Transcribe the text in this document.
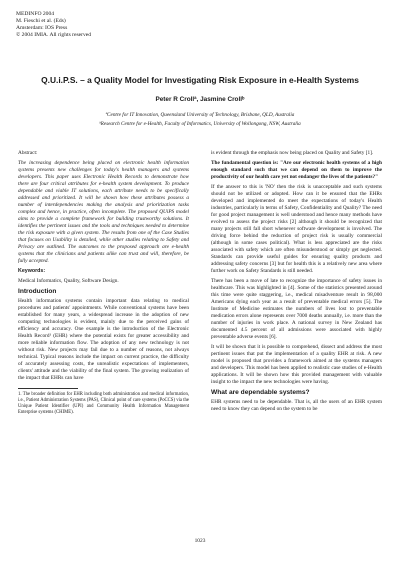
MEDINFO 2004
M. Fieschi et al. (Eds)
Amsterdam: IOS Press
© 2004 IMIA. All rights reserved
Q.U.i.P.S. – a Quality Model for Investigating Risk Exposure in e-Health Systems
Peter R Crollª, Jasmine Crollᵇ
ªCentre for IT Innovation, Queensland University of Technology, Brisbane, QLD, Australia
ᵇResearch Centre for e-Health, Faculty of Informatics, University of Wollongong, NSW, Australia

Abstract:

The increasing dependence being placed on electronic health information systems presents new challenges for today's health managers and systems developers. This paper uses Electronic Health Records to demonstrate how there are four critical attributes for e-health system development. To produce dependable and viable IT solutions, each attribute needs to be specifically addressed and prioritized. It will be shown how these attributes possess a number of interdependencies making the analysis and prioritization tasks complex and hence, in practice, often incomplete. The proposed QUiPS model aims to provide a complete framework for building trustworthy solutions. It identifies the pertinent issues and the tools and techniques needed to determine the risk exposure with a given system. The results from one of the Case Studies that focuses on Usability is detailed, while other studies relating to Safety and Privacy are outlined. The outcomes to the proposed approach are e-health systems that the clinicians and patients alike can trust and will, therefore, be fully accepted.

Keywords:

Medical Informatics, Quality, Software Design.

Introduction

Health information systems contain important data relating to medical procedures and patients' appointments. While conventional systems have been established for many years, a widespread increase in the adoption of new computing technologies is evident, mainly due to the perceived gains of efficiency and accuracy. One example is the introduction of the Electronic Health Record¹ (EHR) where the potential exists for greater accessibility and more reliable information flow. The adoption of any new technology is not without risk. New projects may fail due to a number of reasons, not always technical. Typical reasons include the impact on current practice, the difficulty of accurately assessing costs, the unrealistic expectations of implementers, clients' attitude and the viability of the final system. The growing realization of the impact that EHRs can have

1. The broader definition for EHR including both administration and medical information, i.e., Patient Administration Systems (PAS), Clinical point of care systems (PoCCS) via the Unique Patient Identifier (UPI) and Community Health Information Management Enterprise systems (CHIME).

is evident through the emphasis now being placed on Quality and Safety [1].

The fundamental question is: "Are our electronic health systems of a high enough standard such that we can depend on them to improve the productivity of our health care yet not endanger the lives of the patients?"

If the answer to this is 'NO' then the risk is unacceptable and such systems should not be utilized or adopted. How can it be ensured that the EHRs developed and implemented do meet the expectations of today's Health industries, particularly in terms of Safety, Confidentiality and Quality? The need for good project management is well understood and hence many methods have evolved to assess the project risks [2] although it should be recognized that many projects still fall short whenever software development is involved. The driving force behind the reduction of project risk is usually commercial (although in some cases political). What is less appreciated are the risks associated with safety which are often misunderstood or simply get neglected. Standards can provide useful guides for ensuring quality products and addressing safety concerns [3] but for health this is a relatively new area where further work on Safety Standards is still needed.

There has been a move of late to recognize the importance of safety issues in healthcare. This was highlighted in [4]. Some of the statistics presented around this time were quite staggering, i.e., medical misadventure result in 98,000 Americans dying each year as a result of preventable medical errors [5]. The Institute of Medicine estimates the numbers of lives lost to preventable medication errors alone represents over 7000 deaths annually, i.e. more than the number of injuries in work place. A national survey in New Zealand has documented 4.5 percent of all admissions were associated with highly preventable adverse events [6].

It will be shown that it is possible to comprehend, dissect and address the most pertinent issues that put the implementation of a quality EHR at risk. A new model is proposed that provides a framework aimed at the systems managers and developers. This model has been applied to realistic case studies of e-Health applications. It will be shown how this provided management with valuable insight to the impact the new technologies were having.

What are dependable systems?

EHR systems need to be dependable. That is, all the users of an EHR system need to know they can depend on the system to be

1023
